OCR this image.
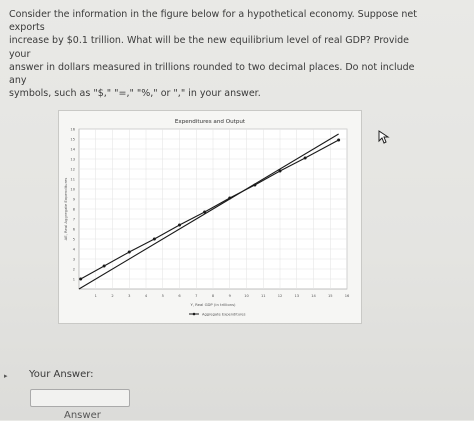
Consider the information in the figure below for a hypothetical economy. Suppose net exports

increase by $0.1 trillion. What will be the new equilibrium level of real GDP? Provide your

answer in dollars measured in trillions rounded to two decimal places. Do not include any

symbols, such as "$," "=," "%," or "," in your answer.

1	2	3	4	5	6	7	8	9	10	11	12	13	14	15	16
1
2
3
4
5
6
7
8
9
10
11
12
13
14
15
16
Expenditures and Output
Y, Real GDP (in trillions)
AE, Real Aggregate Expenditures
Aggregate Expenditures
▸ Your Answer:
Answer
